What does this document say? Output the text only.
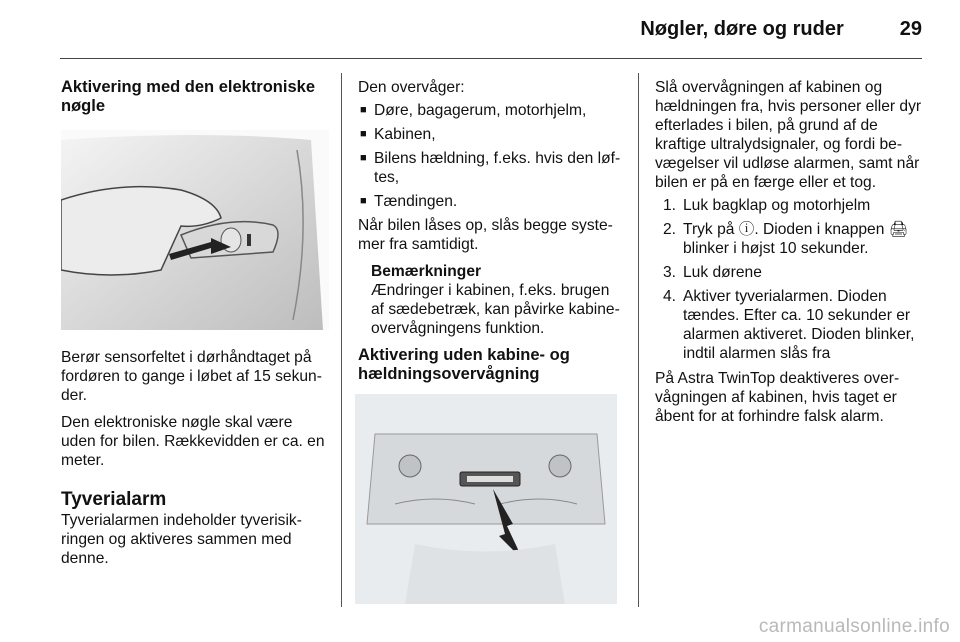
Nøgler, døre og ruder	29
Aktivering med den elektroniske nøgle

Berør sensorfeltet i dørhåndtaget på fordøren to gange i løbet af 15 sekun- der.

Den elektroniske nøgle skal være uden for bilen. Rækkevidden er ca. en meter.

Tyverialarm

Tyverialarmen indeholder tyverisik- ringen og aktiveres sammen med denne.

Den overvåger:

■ Døre, bagagerum, motorhjelm,
■ Kabinen,
■ Bilens hældning, f.eks. hvis den løf- tes,
■ Tændingen.

Når bilen låses op, slås begge syste- mer fra samtidigt.

Bemærkninger
Ændringer i kabinen, f.eks. brugen af sædebetræk, kan påvirke kabine- overvågningens funktion.
Aktivering uden kabine- og hældningsovervågning

Slå overvågningen af kabinen og hældningen fra, hvis personer eller dyr efterlades i bilen, på grund af de kraftige ultralydsignaler, og fordi be- vægelser vil udløse alarmen, samt når bilen er på en færge eller et tog.

1. Luk bagklap og motorhjelm
2. Tryk på ⓘ. Dioden i knappen 🖨 blinker i højst 10 sekunder.
3. Luk dørene
4. Aktiver tyverialarmen. Dioden tændes. Efter ca. 10 sekunder er alarmen aktiveret. Dioden blinker, indtil alarmen slås fra

På Astra TwinTop deaktiveres over- vågningen af kabinen, hvis taget er åbent for at forhindre falsk alarm.

carmanualsonline.info
